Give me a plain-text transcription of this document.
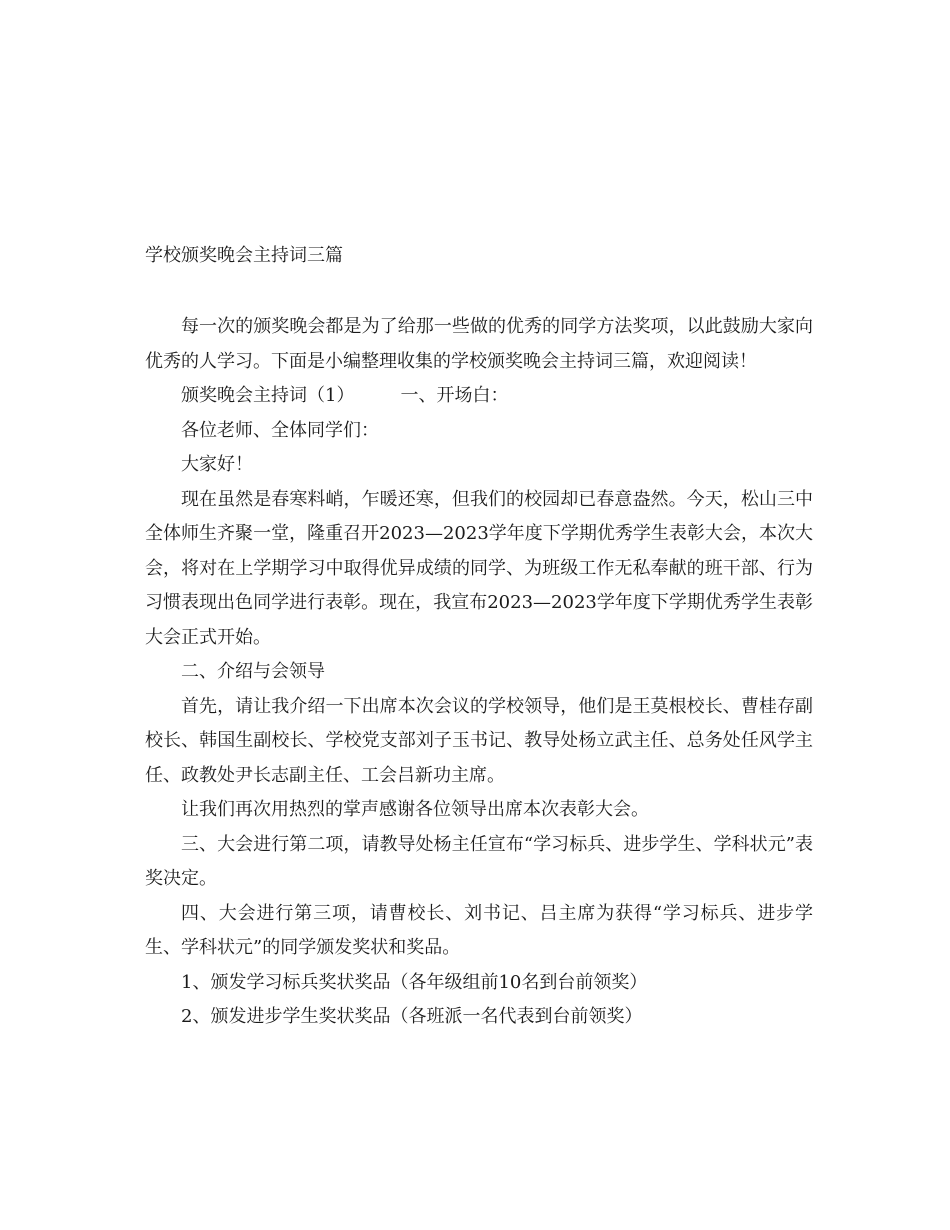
学校颁奖晚会主持词三篇

每一次的颁奖晚会都是为了给那一些做的优秀的同学方法奖项，以此鼓励大家向优秀的人学习。下面是小编整理收集的学校颁奖晚会主持词三篇，欢迎阅读！

颁奖晚会主持词（1）	一、开场白：

各位老师、全体同学们：

大家好！

现在虽然是春寒料峭，乍暖还寒，但我们的校园却已春意盎然。今天，松山三中全体师生齐聚一堂，隆重召开2023—2023学年度下学期优秀学生表彰大会，本次大会，将对在上学期学习中取得优异成绩的同学、为班级工作无私奉献的班干部、行为习惯表现出色同学进行表彰。现在，我宣布2023—2023学年度下学期优秀学生表彰大会正式开始。

二、介绍与会领导

首先，请让我介绍一下出席本次会议的学校领导，他们是王莫根校长、曹桂存副校长、韩国生副校长、学校党支部刘子玉书记、教导处杨立武主任、总务处任风学主任、政教处尹长志副主任、工会吕新功主席。

让我们再次用热烈的掌声感谢各位领导出席本次表彰大会。

三、大会进行第二项，请教导处杨主任宣布“学习标兵、进步学生、学科状元”表奖决定。

四、大会进行第三项，请曹校长、刘书记、吕主席为获得“学习标兵、进步学生、学科状元”的同学颁发奖状和奖品。

1、颁发学习标兵奖状奖品（各年级组前10名到台前领奖）

2、颁发进步学生奖状奖品（各班派一名代表到台前领奖）
